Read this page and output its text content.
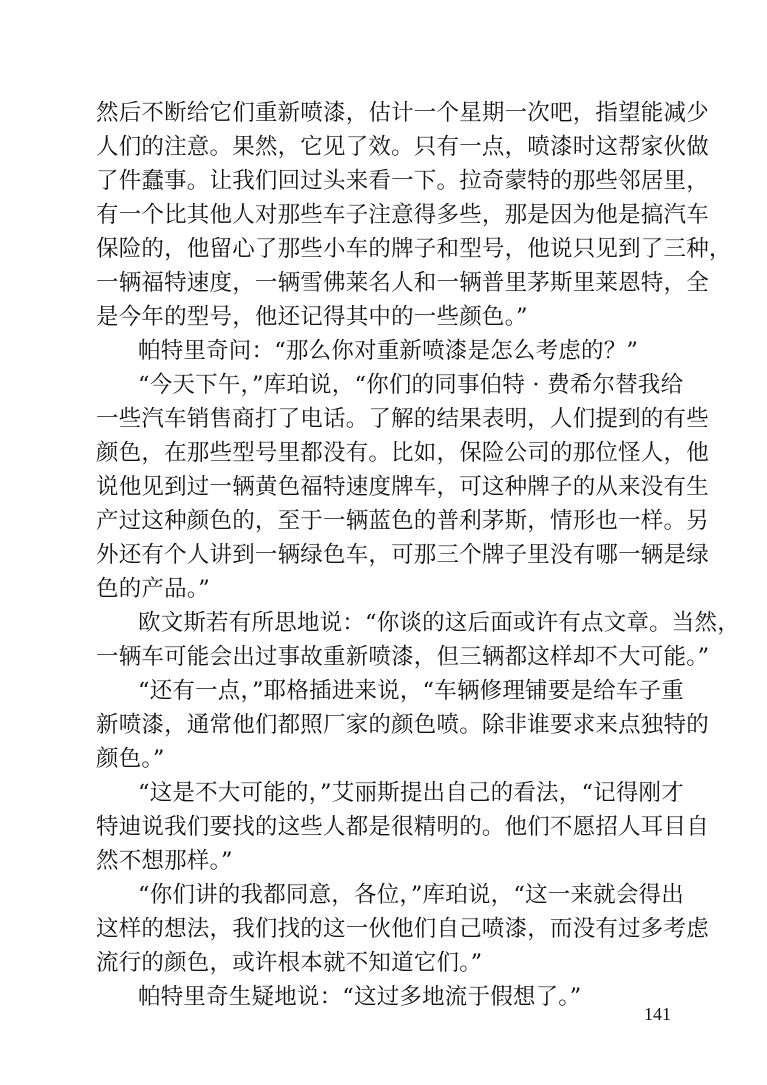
然后不断给它们重新喷漆，估计一个星期一次吧，指望能减少
人们的注意。果然，它见了效。只有一点，喷漆时这帮家伙做
了件蠢事。让我们回过头来看一下。拉奇蒙特的那些邻居里，
有一个比其他人对那些车子注意得多些，那是因为他是搞汽车
保险的，他留心了那些小车的牌子和型号，他说只见到了三种，
一辆福特速度，一辆雪佛莱名人和一辆普里茅斯里莱恩特，全
是今年的型号，他还记得其中的一些颜色。”
帕特里奇问：“那么你对重新喷漆是怎么考虑的？”
“今天下午，”库珀说，“你们的同事伯特 · 费希尔替我给
一些汽车销售商打了电话。了解的结果表明，人们提到的有些
颜色，在那些型号里都没有。比如，保险公司的那位怪人，他
说他见到过一辆黄色福特速度牌车，可这种牌子的从来没有生
产过这种颜色的，至于一辆蓝色的普利茅斯，情形也一样。另
外还有个人讲到一辆绿色车，可那三个牌子里没有哪一辆是绿
色的产品。”
欧文斯若有所思地说：“你谈的这后面或许有点文章。当然，
一辆车可能会出过事故重新喷漆，但三辆都这样却不大可能。”
“还有一点，”耶格插进来说，“车辆修理铺要是给车子重
新喷漆，通常他们都照厂家的颜色喷。除非谁要求来点独特的
颜色。”
“这是不大可能的，”艾丽斯提出自己的看法，“记得刚才
特迪说我们要找的这些人都是很精明的。他们不愿招人耳目自
然不想那样。”
“你们讲的我都同意，各位，”库珀说，“这一来就会得出
这样的想法，我们找的这一伙他们自己喷漆，而没有过多考虑
流行的颜色，或许根本就不知道它们。”
帕特里奇生疑地说：“这过多地流于假想了。”
141
